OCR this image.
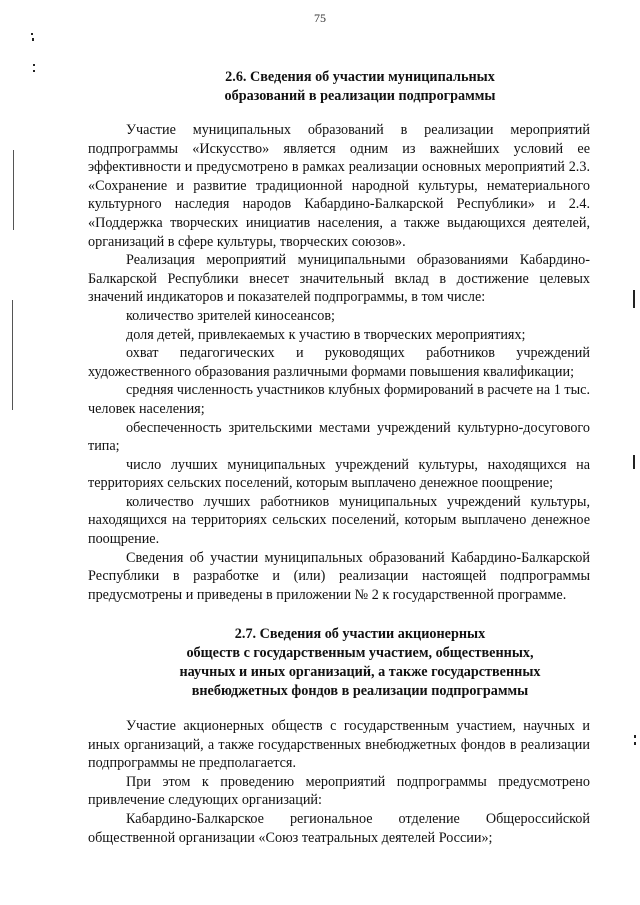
75
2.6. Сведения об участии муниципальных
образований в реализации подпрограммы

Участие муниципальных образований в реализации мероприятий подпрограммы «Искусство» является одним из важнейших условий ее эффективности и предусмотрено в рамках реализации основных мероприятий 2.3. «Сохранение и развитие традиционной народной культуры, нематериального культурного наследия народов Кабардино-Балкарской Республики» и 2.4. «Поддержка творческих инициатив населения, а также выдающихся деятелей, организаций в сфере культуры, творческих союзов».

Реализация мероприятий муниципальными образованиями Кабардино-Балкарской Республики внесет значительный вклад в достижение целевых значений индикаторов и показателей подпрограммы, в том числе:

количество зрителей киносеансов;

доля детей, привлекаемых к участию в творческих мероприятиях;

охват педагогических и руководящих работников учреждений художественного образования различными формами повышения квалификации;

средняя численность участников клубных формирований в расчете на 1 тыс. человек населения;

обеспеченность зрительскими местами учреждений культурно-досугового типа;

число лучших муниципальных учреждений культуры, находящихся на территориях сельских поселений, которым выплачено денежное поощрение;

количество лучших работников муниципальных учреждений культуры, находящихся на территориях сельских поселений, которым выплачено денежное поощрение.

Сведения об участии муниципальных образований Кабардино-Балкарской Республики в разработке и (или) реализации настоящей подпрограммы предусмотрены и приведены в приложении № 2 к государственной программе.

2.7. Сведения об участии акционерных
обществ с государственным участием, общественных,
научных и иных организаций, а также государственных
внебюджетных фондов в реализации подпрограммы

Участие акционерных обществ с государственным участием, научных и иных организаций, а также государственных внебюджетных фондов в реализации подпрограммы не предполагается.

При этом к проведению мероприятий подпрограммы предусмотрено привлечение следующих организаций:

Кабардино-Балкарское региональное отделение Общероссийской общественной организации «Союз театральных деятелей России»;
